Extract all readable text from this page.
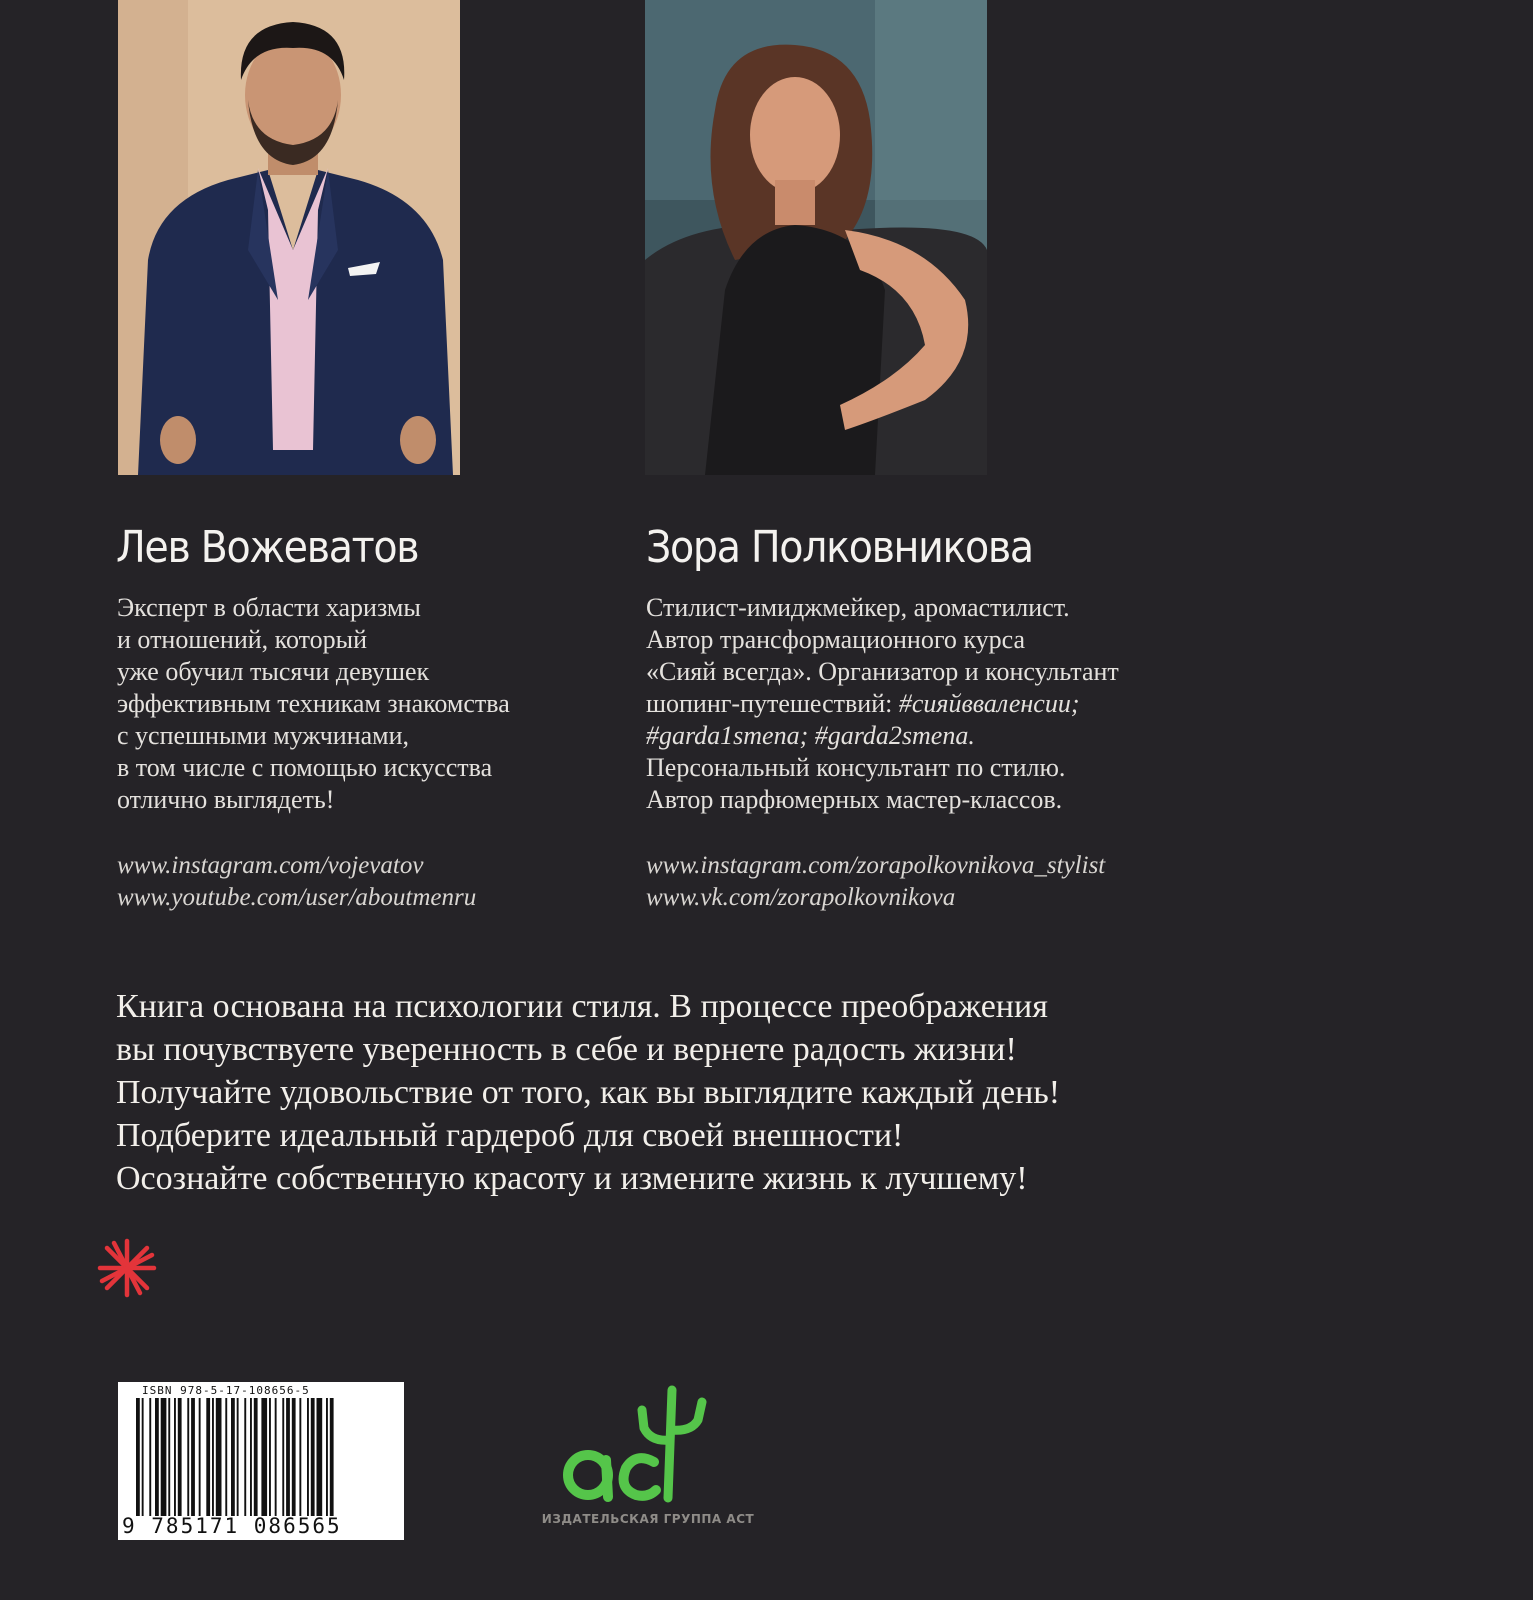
Лев Вожеватов	Зора Полковникова

Эксперт в области харизмы
и отношений, который
уже обучил тысячи девушек
эффективным техникам знакомства
с успешными мужчинами,
в том числе с помощью искусства
отлично выглядеть!

Стилист-имиджмейкер, аромастилист.
Автор трансформационного курса
«Сияй всегда». Организатор и консультант
шопинг-путешествий: #сияйвваленсии;
#garda1smena; #garda2smena.
Персональный консультант по стилю.
Автор парфюмерных мастер-классов.
www.instagram.com/vojevatov
www.youtube.com/user/aboutmenru
www.instagram.com/zorapolkovnikova_stylist
www.vk.com/zorapolkovnikova

Книга основана на психологии стиля. В процессе преображения
вы почувствуете уверенность в себе и вернете радость жизни!
Получайте удовольствие от того, как вы выглядите каждый день!
Подберите идеальный гардероб для своей внешности!
Осознайте собственную красоту и измените жизнь к лучшему!

ISBN 978-5-17-108656-5
9 785171 086565	ИЗДАТЕЛЬСКАЯ ГРУППА АСТ
